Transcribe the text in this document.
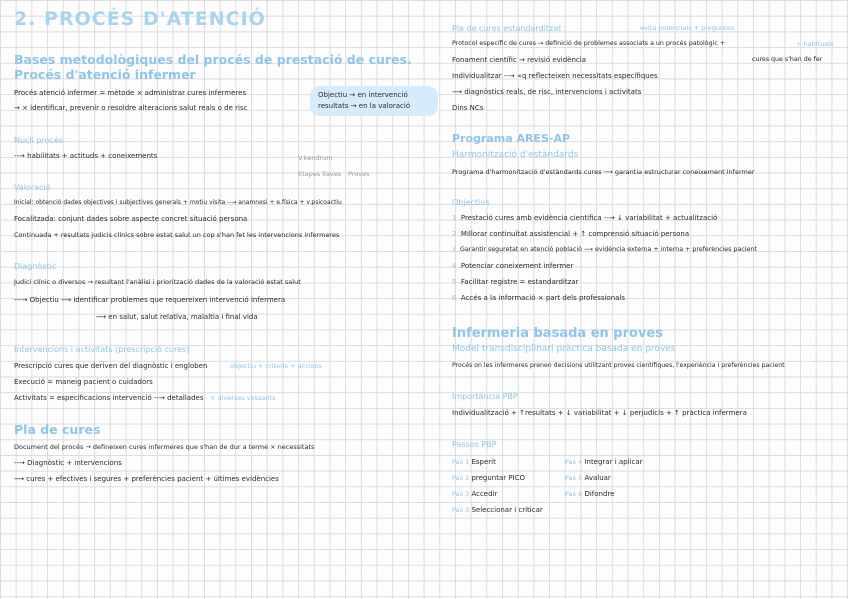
2. PROCÉS D'ATENCIÓ
Bases metodològiques del procés de prestació de cures.
Procés d'atenció infermer
Procés atenció infermer = mètode × administrar cures infermeres
→ × identificar, prevenir o resoldre alteracions salut reals o de risc
Objectiu → en intervenció
resultats → en la valoració
Nucli procés
--→ habilitats + actituds + coneixements	V.kendrum
Etapes llaves Proves
Valoració
Inicial: obtenció dades objectives i subjectives generals + motiu visita --→ anamnesi + e.física + v.psicoactiu
Focalitzada: conjunt dades sobre aspecte concret situació persona
Continuada + resultats judicis clínics sobre estat salut un cop s'han fet les intervencions infermeres
Diagnòstic
Judici clínic o diversos → resultant l'anàlisi i priorització dades de la valoració estat salut
---→ Objectiu ⟶ identificar problemes que requereixen intervenció infermera
⟶ en salut, salut relativa, malaltia i final vida
Intervencions i activitats (prescripció cures)
Prescripció cures que deriven del diagnòstic i engloben	objectiu + criteris + accions
Execució = maneig pacient o cuidadors
Activitats = especificacions intervenció --→ detallades × diverses vessants
Pla de cures
Document del procés → defineixen cures infermeres que s'han de dur a terme × necessitats
--→ Diagnòstic + intervencions
⟶ cures + efectives i segures + preferències pacient + últimes evidències
Pla de cures estandarditzat	evita potencials + preguntes
+ habituals
Protocol específic de cures → definició de problemes associats a un procés patològic +
cures que s'han de fer
Fonament científic → revisió evidència
Individualitzar --→ ∝q reflecteixen necessitats específiques
⟶ diagnòstics reals, de risc, intervencions i activitats
Dins NCs
Programa ARES-AP
Harmonització d'estàndards
Programa d'harmonització d'estàndards cures ⟶ garantia estructurar coneixement infermer
Objectius
1 Prestació cures amb evidència científica --→ ↓ variabilitat + actualització
2 Millorar continuïtat assistencial + ↑ comprensió situació persona
3 Garantir seguretat en atenció població ⟶ evidència externa + interna + preferències pacient
4 Potenciar coneixement infermer
5 Facilitar registre = estandarditzar
6 Accés a la informació × part dels professionals
Infermeria basada en proves
Model transdisciplinari pràctica basada en proves
Procés on les infermeres prenen decisions utilitzant proves científiques, l'experiència i preferències pacient
Importància PBP
Individualització + ↑resultats + ↓ variabilitat + ↓ perjudicis + ↑ pràctica infermera
Passos PBP
Pas 1 Esperit
Pas 2 preguntar PICO
Pas 3 Accedir
Pas 4 Integrar i aplicar
Pas 5 Avaluar
Pas 6 Difondre
Pas 3 Seleccionar i criticar
